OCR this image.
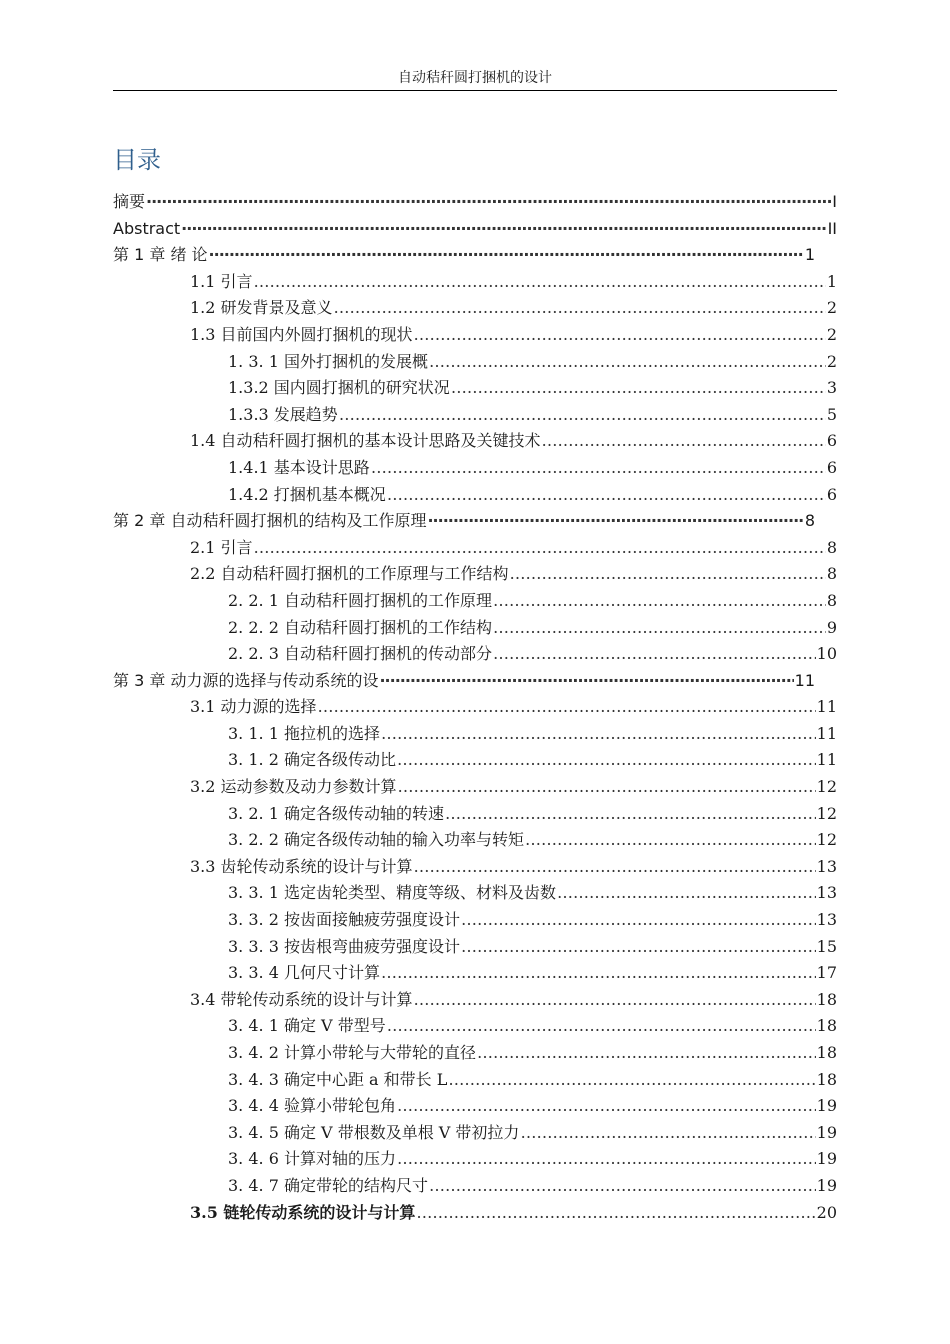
自动秸秆圆打捆机的设计
目录
摘要 ·····	I
Abstract ·····	II
第 1 章 绪 论 ·····	1
1.1 引言 ………………………………………………………………………………………………………………………………………………………………………………………………	1
1.2 研发背景及意义 ………………………………………………………………………………………………………………………………………………………………………………………………	2
1.3 目前国内外圆打捆机的现状 ………………………………………………………………………………………………………………………………………………………………………………………………	2
1. 3. 1 国外打捆机的发展概 ………………………………………………………………………………………………………………………………………………………………………………………………	2
1.3.2 国内圆打捆机的研究状况 ………………………………………………………………………………………………………………………………………………………………………………………………	3
1.3.3 发展趋势 ………………………………………………………………………………………………………………………………………………………………………………………………	5
1.4 自动秸秆圆打捆机的基本设计思路及关键技术 ………………………………………………………………………………………………………………………………………………………………………………………………	6
1.4.1 基本设计思路 ………………………………………………………………………………………………………………………………………………………………………………………………	6
1.4.2 打捆机基本概况 ………………………………………………………………………………………………………………………………………………………………………………………………	6
第 2 章 自动秸秆圆打捆机的结构及工作原理 ·····	8
2.1 引言 ………………………………………………………………………………………………………………………………………………………………………………………………	8
2.2 自动秸秆圆打捆机的工作原理与工作结构 ………………………………………………………………………………………………………………………………………………………………………………………………	8
2. 2. 1 自动秸秆圆打捆机的工作原理 ………………………………………………………………………………………………………………………………………………………………………………………………	8
2. 2. 2 自动秸秆圆打捆机的工作结构 ………………………………………………………………………………………………………………………………………………………………………………………………	9
2. 2. 3 自动秸秆圆打捆机的传动部分 ………………………………………………………………………………………………………………………………………………………………………………………………	10
第 3 章 动力源的选择与传动系统的设 ·····	11
3.1 动力源的选择 ………………………………………………………………………………………………………………………………………………………………………………………………	11
3. 1. 1 拖拉机的选择 ………………………………………………………………………………………………………………………………………………………………………………………………	11
3. 1. 2 确定各级传动比 ………………………………………………………………………………………………………………………………………………………………………………………………	11
3.2 运动参数及动力参数计算 ………………………………………………………………………………………………………………………………………………………………………………………………	12
3. 2. 1 确定各级传动轴的转速 ………………………………………………………………………………………………………………………………………………………………………………………………	12
3. 2. 2 确定各级传动轴的输入功率与转矩 ………………………………………………………………………………………………………………………………………………………………………………………………	12
3.3 齿轮传动系统的设计与计算 ………………………………………………………………………………………………………………………………………………………………………………………………	13
3. 3. 1 选定齿轮类型、精度等级、材料及齿数 ………………………………………………………………………………………………………………………………………………………………………………………………	13
3. 3. 2 按齿面接触疲劳强度设计 ………………………………………………………………………………………………………………………………………………………………………………………………	13
3. 3. 3 按齿根弯曲疲劳强度设计 ………………………………………………………………………………………………………………………………………………………………………………………………	15
3. 3. 4 几何尺寸计算 ………………………………………………………………………………………………………………………………………………………………………………………………	17
3.4 带轮传动系统的设计与计算 ………………………………………………………………………………………………………………………………………………………………………………………………	18
3. 4. 1 确定 V 带型号 ………………………………………………………………………………………………………………………………………………………………………………………………	18
3. 4. 2 计算小带轮与大带轮的直径 ………………………………………………………………………………………………………………………………………………………………………………………………	18
3. 4. 3 确定中心距 a 和带长 L ………………………………………………………………………………………………………………………………………………………………………………………………	18
3. 4. 4 验算小带轮包角 ………………………………………………………………………………………………………………………………………………………………………………………………	19
3. 4. 5 确定 V 带根数及单根 V 带初拉力 ………………………………………………………………………………………………………………………………………………………………………………………………	19
3. 4. 6 计算对轴的压力 ………………………………………………………………………………………………………………………………………………………………………………………………	19
3. 4. 7 确定带轮的结构尺寸 ………………………………………………………………………………………………………………………………………………………………………………………………	19
3.5 链轮传动系统的设计与计算 ………………………………………………………………………………………………………………………………………………………………………………………………	20
